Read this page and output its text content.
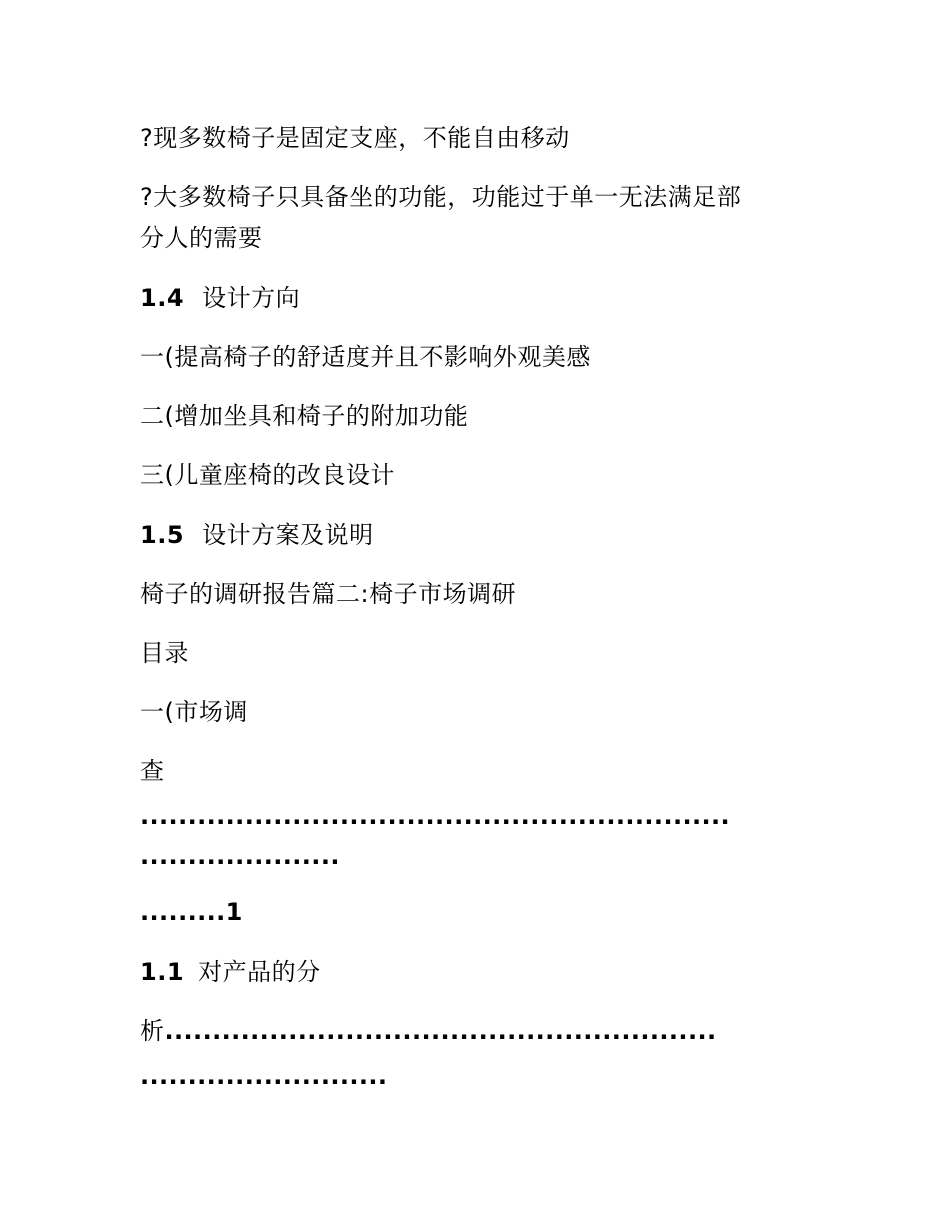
?现多数椅子是固定支座，不能自由移动
?大多数椅子只具备坐的功能，功能过于单一无法满足部
分人的需要
1.4 设计方向
一(提高椅子的舒适度并且不影响外观美感
二(增加坐具和椅子的附加功能
三(儿童座椅的改良设计
1.5 设计方案及说明
椅子的调研报告篇二:椅子市场调研
目录
一(市场调
查
..............................................................
.....................
.........1
1.1 对产品的分
析..........................................................
..........................
